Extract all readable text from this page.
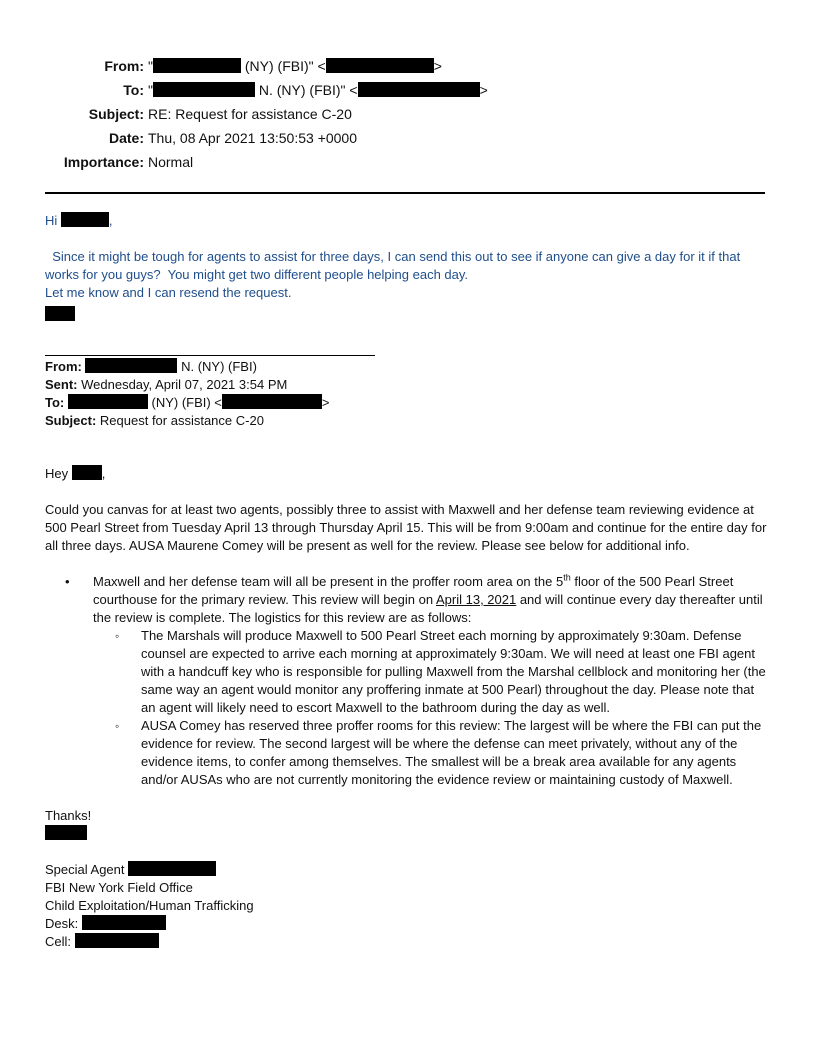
From: "	(NY) (FBI)" <	>
To: "	N. (NY) (FBI)" <	>
Subject: RE: Request for assistance C-20
Date: Thu, 08 Apr 2021 13:50:53 +0000
Importance: Normal

Hi	,

Since it might be tough for agents to assist for three days, I can send this out to see if anyone can give a day for it if that works for you guys?  You might get two different people helping each day.

Let me know and I can resend the request.

From:	N. (NY) (FBI)
Sent: Wednesday, April 07, 2021 3:54 PM
To:	(NY) (FBI) <	>
Subject: Request for assistance C-20

Hey ,

Could you canvas for at least two agents, possibly three to assist with Maxwell and her defense team reviewing evidence at 500 Pearl Street from Tuesday April 13 through Thursday April 15. This will be from 9:00am and continue for the entire day for all three days. AUSA Maurene Comey will be present as well for the review. Please see below for additional info.

• Maxwell and her defense team will all be present in the proffer room area on the 5th floor of the 500 Pearl Street courthouse for the primary review. This review will begin on April 13, 2021 and will continue every day thereafter until the review is complete. The logistics for this review are as follows:
◦ The Marshals will produce Maxwell to 500 Pearl Street each morning by approximately 9:30am. Defense counsel are expected to arrive each morning at approximately 9:30am. We will need at least one FBI agent with a handcuff key who is responsible for pulling Maxwell from the Marshal cellblock and monitoring her (the same way an agent would monitor any proffering inmate at 500 Pearl) throughout the day. Please note that an agent will likely need to escort Maxwell to the bathroom during the day as well.
◦ AUSA Comey has reserved three proffer rooms for this review: The largest will be where the FBI can put the evidence for review. The second largest will be where the defense can meet privately, without any of the evidence items, to confer among themselves. The smallest will be a break area available for any agents and/or AUSAs who are not currently monitoring the evidence review or maintaining custody of Maxwell.

Thanks!

Special Agent

FBI New York Field Office

Child Exploitation/Human Trafficking

Desk:

Cell:
